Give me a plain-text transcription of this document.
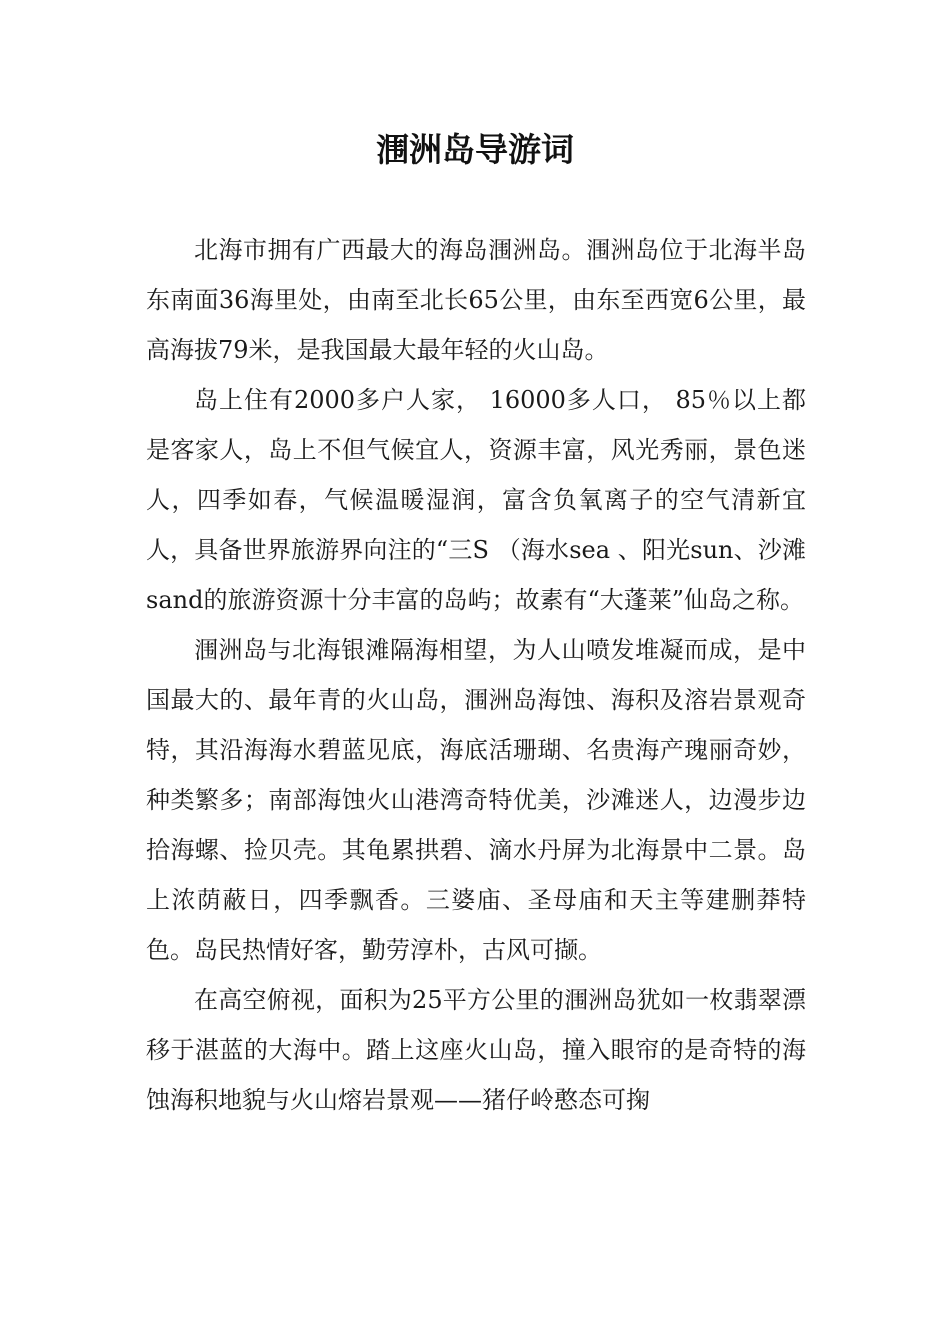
涠洲岛导游词

北海市拥有广西最大的海岛涠洲岛。涠洲岛位于北海半岛东南面36海里处，由南至北长65公里，由东至西宽6公里，最高海拔79米，是我国最大最年轻的火山岛。

岛上住有2000多户人家， 16000多人口， 85％以上都是客家人，岛上不但气候宜人，资源丰富，风光秀丽，景色迷人，四季如春，气候温暖湿润，富含负氧离子的空气清新宜人，具备世界旅游界向注的“三S （海水sea 、阳光sun、沙滩sand的旅游资源十分丰富的岛屿；故素有“大蓬莱”仙岛之称。

涠洲岛与北海银滩隔海相望，为人山喷发堆凝而成，是中国最大的、最年青的火山岛，涠洲岛海蚀、海积及溶岩景观奇特，其沿海海水碧蓝见底，海底活珊瑚、名贵海产瑰丽奇妙，种类繁多；南部海蚀火山港湾奇特优美，沙滩迷人，边漫步边拾海螺、捡贝壳。其龟累拱碧、滴水丹屏为北海景中二景。岛上浓荫蔽日，四季飘香。三婆庙、圣母庙和天主等建删莽特色。岛民热情好客，勤劳淳朴，古风可撷。

在高空俯视，面积为25平方公里的涠洲岛犹如一枚翡翠漂移于湛蓝的大海中。踏上这座火山岛，撞入眼帘的是奇特的海蚀海积地貌与火山熔岩景观——猪仔岭憨态可掬
